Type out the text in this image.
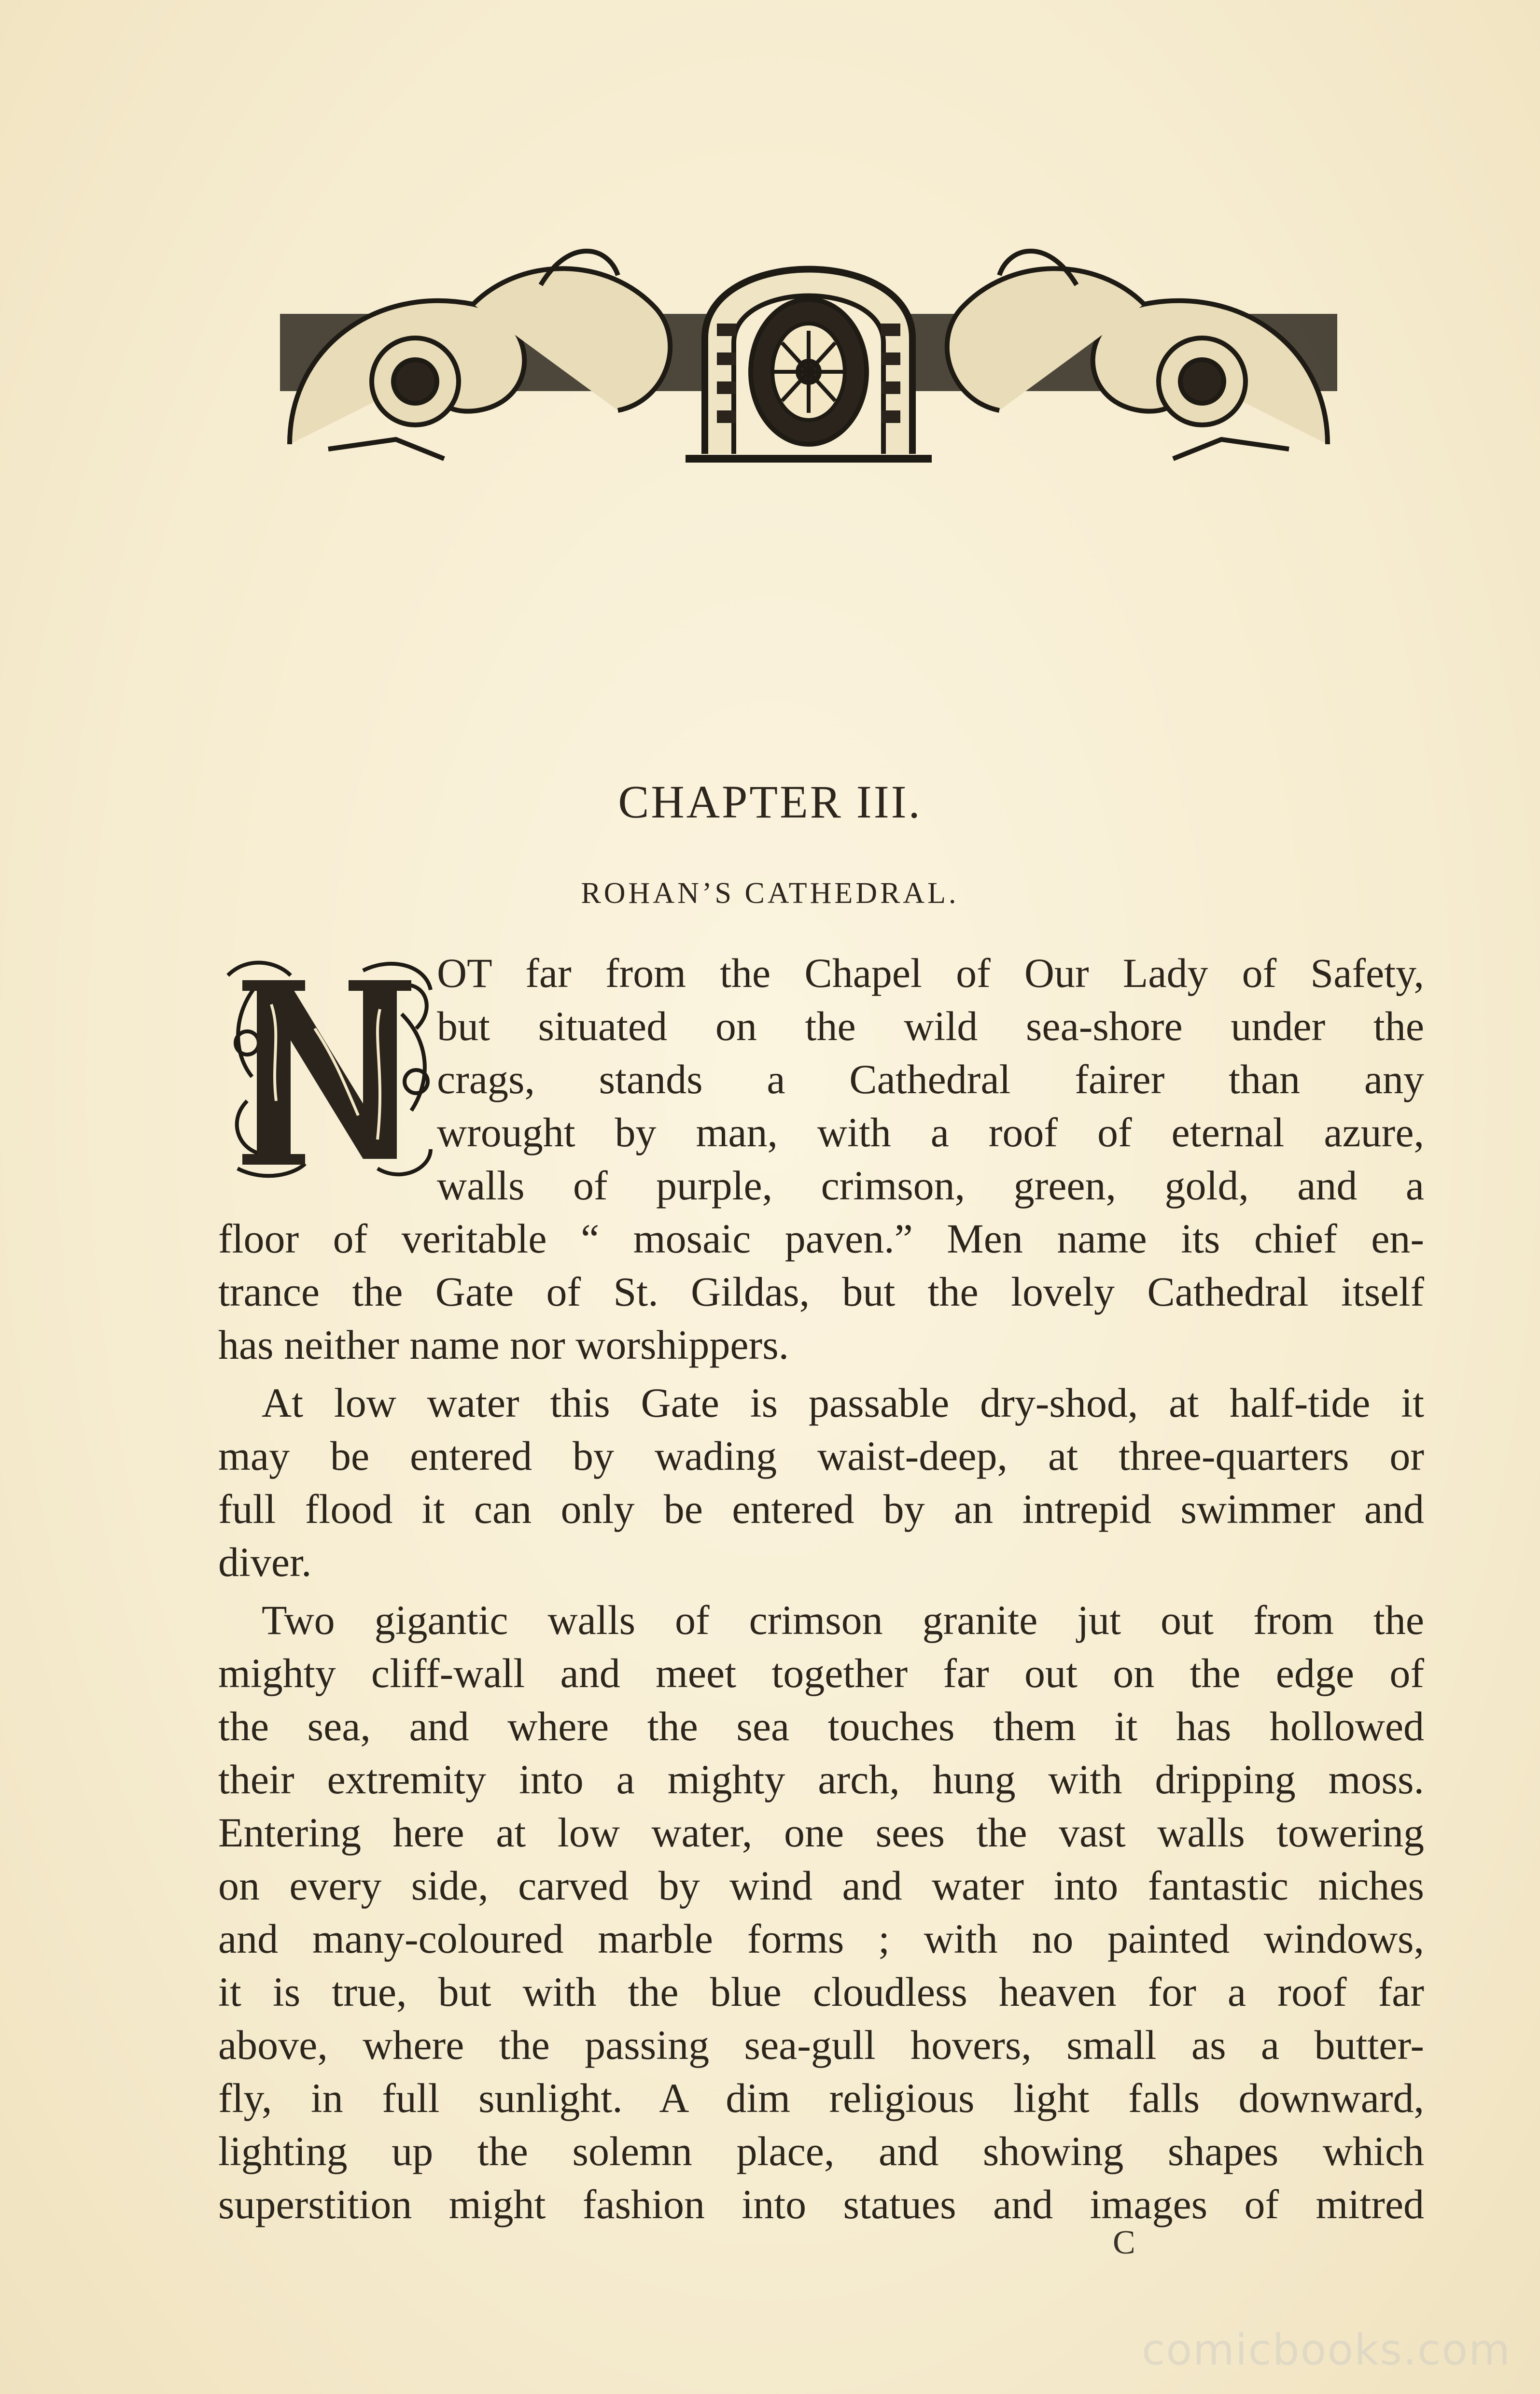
CHAPTER III.
ROHAN’S CATHEDRAL.
OT far from the Chapel of Our Lady of Safety,
but situated on the wild sea-shore under the
crags, stands a Cathedral fairer than any
wrought by man, with a roof of eternal azure,
walls of purple, crimson, green, gold, and a
floor of veritable “ mosaic paven.” Men name its chief en-
trance the Gate of St. Gildas, but the lovely Cathedral itself
has neither name nor worshippers.
At low water this Gate is passable dry-shod, at half-tide it
may be entered by wading waist-deep, at three-quarters or
full flood it can only be entered by an intrepid swimmer and
diver.
Two gigantic walls of crimson granite jut out from the
mighty cliff-wall and meet together far out on the edge of
the sea, and where the sea touches them it has hollowed
their extremity into a mighty arch, hung with dripping moss.
Entering here at low water, one sees the vast walls towering
on every side, carved by wind and water into fantastic niches
and many-coloured marble forms ; with no painted windows,
it is true, but with the blue cloudless heaven for a roof far
above, where the passing sea-gull hovers, small as a butter-
fly, in full sunlight. A dim religious light falls downward,
lighting up the solemn place, and showing shapes which
superstition might fashion into statues and images of mitred
C
comicbooks.com
